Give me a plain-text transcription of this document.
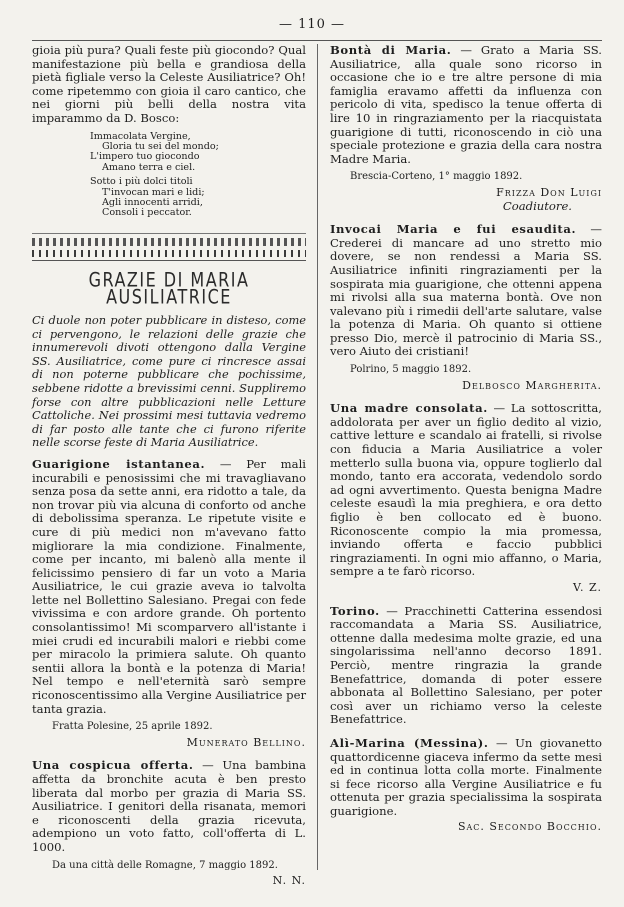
— 110 —

gioia più pura? Quali feste più giocondo? Qual manifestazione più bella e grandiosa della pietà figliale verso la Celeste Ausiliatrice? Oh! come ripetemmo con gioia il caro cantico, che nei giorni più belli della nostra vita imparammo da D. Bosco:

Immacolata Vergine,
Gloria tu sei del mondo;
L'impero tuo giocondo
Amano terra e ciel.
Sotto i più dolci titoli
T'invocan mari e lidi;
Agli innocenti arridi,
Consoli i peccator.
GRAZIE DI MARIA AUSILIATRICE

Ci duole non poter pubblicare in disteso, come ci pervengono, le relazioni delle grazie che innumerevoli divoti ottengono dalla Vergine SS. Ausiliatrice, come pure ci rincresce assai di non poterne pubblicare che pochissime, sebbene ridotte a brevissimi cenni. Suppliremo forse con altre pubblicazioni nelle Letture Cattoliche. Nei prossimi mesi tuttavia vedremo di far posto alle tante che ci furono riferite nelle scorse feste di Maria Ausiliatrice.

Guarigione istantanea. — Per mali incurabili e penosissimi che mi travagliavano senza posa da sette anni, era ridotto a tale, da non trovar più via alcuna di conforto od anche di debolissima speranza. Le ripetute visite e cure di più medici non m'avevano fatto migliorare la mia condizione. Finalmente, come per incanto, mi balenò alla mente il felicissimo pensiero di far un voto a Maria Ausiliatrice, le cui grazie aveva io talvolta lette nel Bollettino Salesiano. Pregai con fede vivissima e con ardore grande. Oh portento consolantissimo! Mi scomparvero all'istante i miei crudi ed incurabili malori e riebbi come per miracolo la primiera salute. Oh quanto sentii allora la bontà e la potenza di Maria! Nel tempo e nell'eternità sarò sempre riconoscentissimo alla Vergine Ausiliatrice per tanta grazia.

Fratta Polesine, 25 aprile 1892.
Munerato Bellino.

Una cospicua offerta. — Una bambina affetta da bronchite acuta è ben presto liberata dal morbo per grazia di Maria SS. Ausiliatrice. I genitori della risanata, memori e riconoscenti della grazia ricevuta, adempiono un voto fatto, coll'offerta di L. 1000.

Da una città delle Romagne, 7 maggio 1892.
N. N.

Bontà di Maria. — Grato a Maria SS. Ausiliatrice, alla quale sono ricorso in occasione che io e tre altre persone di mia famiglia eravamo affetti da influenza con pericolo di vita, spedisco la tenue offerta di lire 10 in ringraziamento per la riacquistata guarigione di tutti, riconoscendo in ciò una speciale protezione e grazia della cara nostra Madre Maria.

Brescia-Corteno, 1° maggio 1892.
Frizza Don Luigi
Coadiutore.

Invocai Maria e fui esaudita. — Crederei di mancare ad uno stretto mio dovere, se non rendessi a Maria SS. Ausiliatrice infiniti ringraziamenti per la sospirata mia guarigione, che ottenni appena mi rivolsi alla sua materna bontà. Ove non valevano più i rimedii dell'arte salutare, valse la potenza di Maria. Oh quanto si ottiene presso Dio, mercè il patrocinio di Maria SS., vero Aiuto dei cristiani!

Polrino, 5 maggio 1892.
Delbosco Margherita.

Una madre consolata. — La sottoscritta, addolorata per aver un figlio dedito al vizio, cattive letture e scandalo ai fratelli, si rivolse con fiducia a Maria Ausiliatrice a voler metterlo sulla buona via, oppure toglierlo dal mondo, tanto era accorata, vedendolo sordo ad ogni avvertimento. Questa benigna Madre celeste esaudì la mia preghiera, e ora detto figlio è ben collocato ed è buono. Riconoscente compio la mia promessa, inviando offerta e faccio pubblici ringraziamenti. In ogni mio affanno, o Maria, sempre a te farò ricorso.

V. Z.

Torino. — Pracchinetti Catterina essendosi raccomandata a Maria SS. Ausiliatrice, ottenne dalla medesima molte grazie, ed una singolarissima nell'anno decorso 1891. Perciò, mentre ringrazia la grande Benefattrice, domanda di poter essere abbonata al Bollettino Salesiano, per poter così aver un richiamo verso la celeste Benefattrice.

Alì-Marina (Messina). — Un giovanetto quattordicenne giaceva infermo da sette mesi ed in continua lotta colla morte. Finalmente si fece ricorso alla Vergine Ausiliatrice e fu ottenuta per grazia specialissima la sospirata guarigione.

Sac. Secondo Bocchio.
